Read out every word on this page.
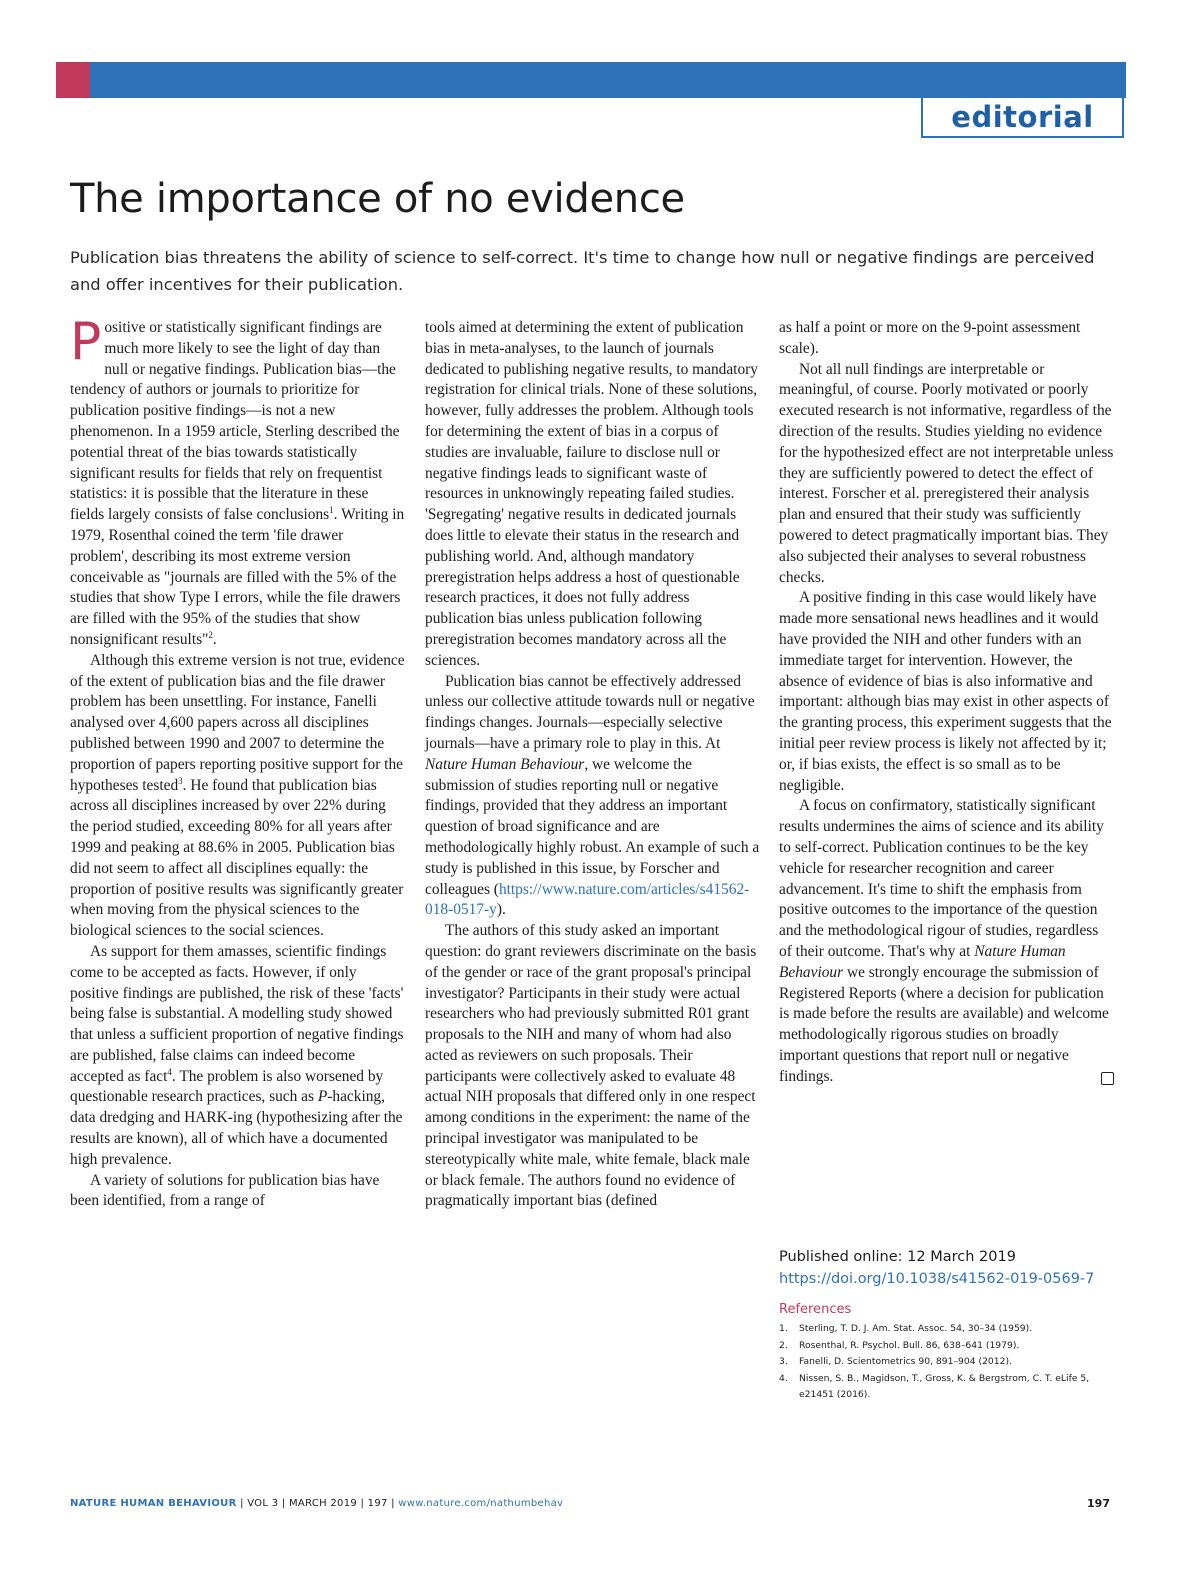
editorial
The importance of no evidence

Publication bias threatens the ability of science to self-correct. It's time to change how null or negative findings are perceived and offer incentives for their publication.

Positive or statistically significant findings are much more likely to see the light of day than null or negative findings. Publication bias—the tendency of authors or journals to prioritize for publication positive findings—is not a new phenomenon. In a 1959 article, Sterling described the potential threat of the bias towards statistically significant results for fields that rely on frequentist statistics: it is possible that the literature in these fields largely consists of false conclusions$^1$. Writing in 1979, Rosenthal coined the term 'file drawer problem', describing its most extreme version conceivable as "journals are filled with the 5% of the studies that show Type I errors, while the file drawers are filled with the 95% of the studies that show nonsignificant results"$^2$.

Although this extreme version is not true, evidence of the extent of publication bias and the file drawer problem has been unsettling. For instance, Fanelli analysed over 4,600 papers across all disciplines published between 1990 and 2007 to determine the proportion of papers reporting positive support for the hypotheses tested$^3$. He found that publication bias across all disciplines increased by over 22% during the period studied, exceeding 80% for all years after 1999 and peaking at 88.6% in 2005. Publication bias did not seem to affect all disciplines equally: the proportion of positive results was significantly greater when moving from the physical sciences to the biological sciences to the social sciences.

As support for them amasses, scientific findings come to be accepted as facts. However, if only positive findings are published, the risk of these 'facts' being false is substantial. A modelling study showed that unless a sufficient proportion of negative findings are published, false claims can indeed become accepted as fact$^4$. The problem is also worsened by questionable research practices, such as P-hacking, data dredging and HARK-ing (hypothesizing after the results are known), all of which have a documented high prevalence.

A variety of solutions for publication bias have been identified, from a range of

tools aimed at determining the extent of publication bias in meta-analyses, to the launch of journals dedicated to publishing negative results, to mandatory registration for clinical trials. None of these solutions, however, fully addresses the problem. Although tools for determining the extent of bias in a corpus of studies are invaluable, failure to disclose null or negative findings leads to significant waste of resources in unknowingly repeating failed studies. 'Segregating' negative results in dedicated journals does little to elevate their status in the research and publishing world. And, although mandatory preregistration helps address a host of questionable research practices, it does not fully address publication bias unless publication following preregistration becomes mandatory across all the sciences.

Publication bias cannot be effectively addressed unless our collective attitude towards null or negative findings changes. Journals—especially selective journals—have a primary role to play in this. At Nature Human Behaviour, we welcome the submission of studies reporting null or negative findings, provided that they address an important question of broad significance and are methodologically highly robust. An example of such a study is published in this issue, by Forscher and colleagues (https://www.nature.com/articles/s41562-018-0517-y).

The authors of this study asked an important question: do grant reviewers discriminate on the basis of the gender or race of the grant proposal's principal investigator? Participants in their study were actual researchers who had previously submitted R01 grant proposals to the NIH and many of whom had also acted as reviewers on such proposals. Their participants were collectively asked to evaluate 48 actual NIH proposals that differed only in one respect among conditions in the experiment: the name of the principal investigator was manipulated to be stereotypically white male, white female, black male or black female. The authors found no evidence of pragmatically important bias (defined

as half a point or more on the 9-point assessment scale).

Not all null findings are interpretable or meaningful, of course. Poorly motivated or poorly executed research is not informative, regardless of the direction of the results. Studies yielding no evidence for the hypothesized effect are not interpretable unless they are sufficiently powered to detect the effect of interest. Forscher et al. preregistered their analysis plan and ensured that their study was sufficiently powered to detect pragmatically important bias. They also subjected their analyses to several robustness checks.

A positive finding in this case would likely have made more sensational news headlines and it would have provided the NIH and other funders with an immediate target for intervention. However, the absence of evidence of bias is also informative and important: although bias may exist in other aspects of the granting process, this experiment suggests that the initial peer review process is likely not affected by it; or, if bias exists, the effect is so small as to be negligible.

A focus on confirmatory, statistically significant results undermines the aims of science and its ability to self-correct. Publication continues to be the key vehicle for researcher recognition and career advancement. It's time to shift the emphasis from positive outcomes to the importance of the question and the methodological rigour of studies, regardless of their outcome. That's why at Nature Human Behaviour we strongly encourage the submission of Registered Reports (where a decision for publication is made before the results are available) and welcome methodologically rigorous studies on broadly important questions that report null or negative findings.

Published online: 12 March 2019
https://doi.org/10.1038/s41562-019-0569-7
References
1.	Sterling, T. D. J. Am. Stat. Assoc. 54, 30–34 (1959).
2.	Rosenthal, R. Psychol. Bull. 86, 638–641 (1979).
3.	Fanelli, D. Scientometrics 90, 891–904 (2012).
4.	Nissen, S. B., Magidson, T., Gross, K. & Bergstrom, C. T. eLife 5, e21451 (2016).
NATURE HUMAN BEHAVIOUR | VOL 3 | MARCH 2019 | 197 | www.nature.com/nathumbehav	197
